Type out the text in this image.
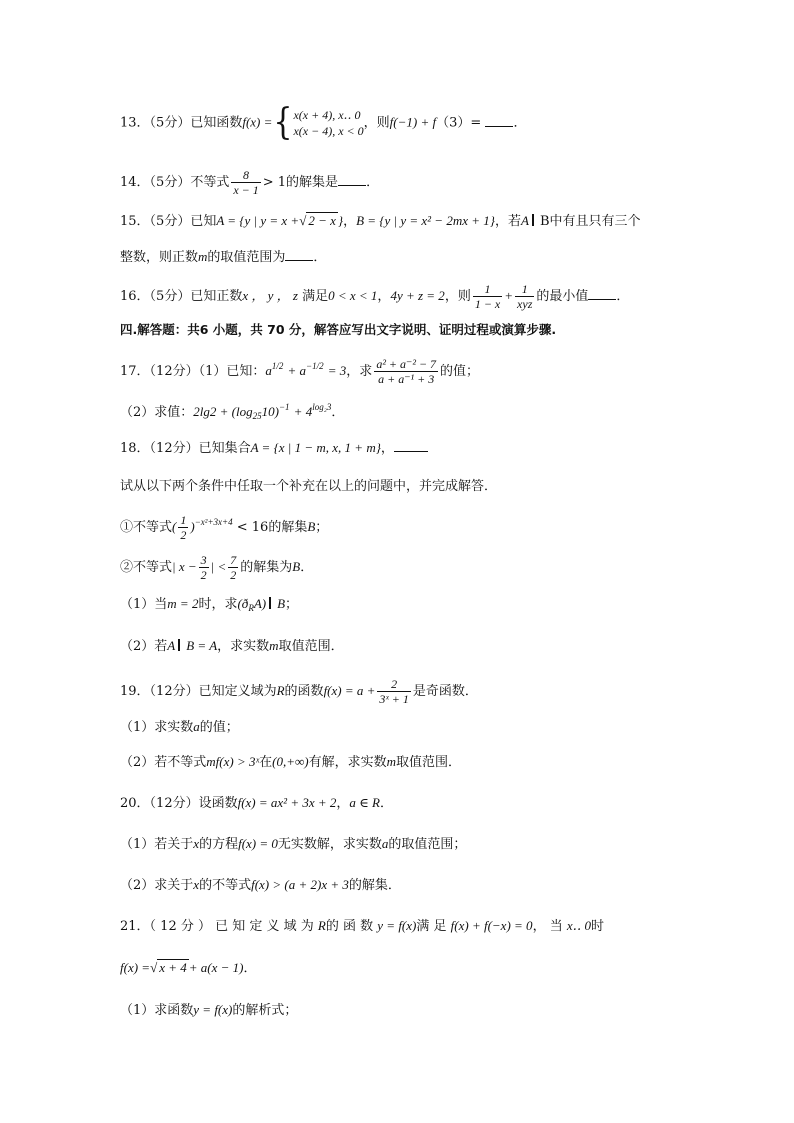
13．（5分）已知函数f(x) ={ x(x + 4), x‥ 0
x(x − 4), x < 0
，则f(−1) + f（3）= ．
14．（5分）不等式 $\frac{8}{x - 1} > 1$的解集是 ．
15．（5分）已知A = {y | y = x +√ 2 − x }，B = {y | y = x² − 2mx + 1}，若A B中有且只有三个
整数，则正数m的取值范围为 ．
16．（5分）已知正数x ， y ， z 满足0 < x < 1，4y + z = 2，则 $\frac{1}{1 - x} + \frac{1}{\text{xyz}}$ 的最小值 ．
四.解答题：共6 小题，共 70 分，解答应写出文字说明、证明过程或演算步骤.
17．（12分）（1）已知：$a^{1/2} + a^{-1/2} = 3$，求 $\frac{\text{a² + a⁻² − 7}}{\text{a + a⁻¹ + 3}}$ 的值；
（2）求值：$2\lg 2 + (\log_{25}10)^{-1} + 4^{log_23}$．
18．（12分）已知集合A = {x | 1 − m, x, 1 + m}，
试从以下两个条件中任取一个补充在以上的问题中，并完成解答．
①不等式( $\frac{1}{2} )^{-x^2+3x+4} < 16$的解集B；
②不等式| $x - \frac{3}{2}$ | < $\frac{7}{2}$ 的解集为B．
（1）当m = 2时，求$(ð_RA)$ B；
（2）若A B = A，求实数m取值范围．
19．（12分）已知定义域为R的函数$f(x) = a + \frac{2}{\text{3ˣ + 1}}$ 是奇函数．
（1）求实数a的值；
（2）若不等式mf(x) > 3ˣ在(0,+∞)有解，求实数m取值范围．
20．（12分）设函数f(x) = ax² + 3x + 2，a ∈ R．
（1）若关于x的方程f(x) = 0无实数解，求实数a的取值范围；
（2）求关于x的不等式f(x) > (a + 2)x + 3的解集．
21．（ 12 分 ） 已 知 定 义 域 为 R的 函 数 y = f(x)满 足 f(x) + f(−x) = 0， 当 x‥ 0时
f(x) =√ x + 4 + a(x − 1)．
（1）求函数y = f(x)的解析式；
